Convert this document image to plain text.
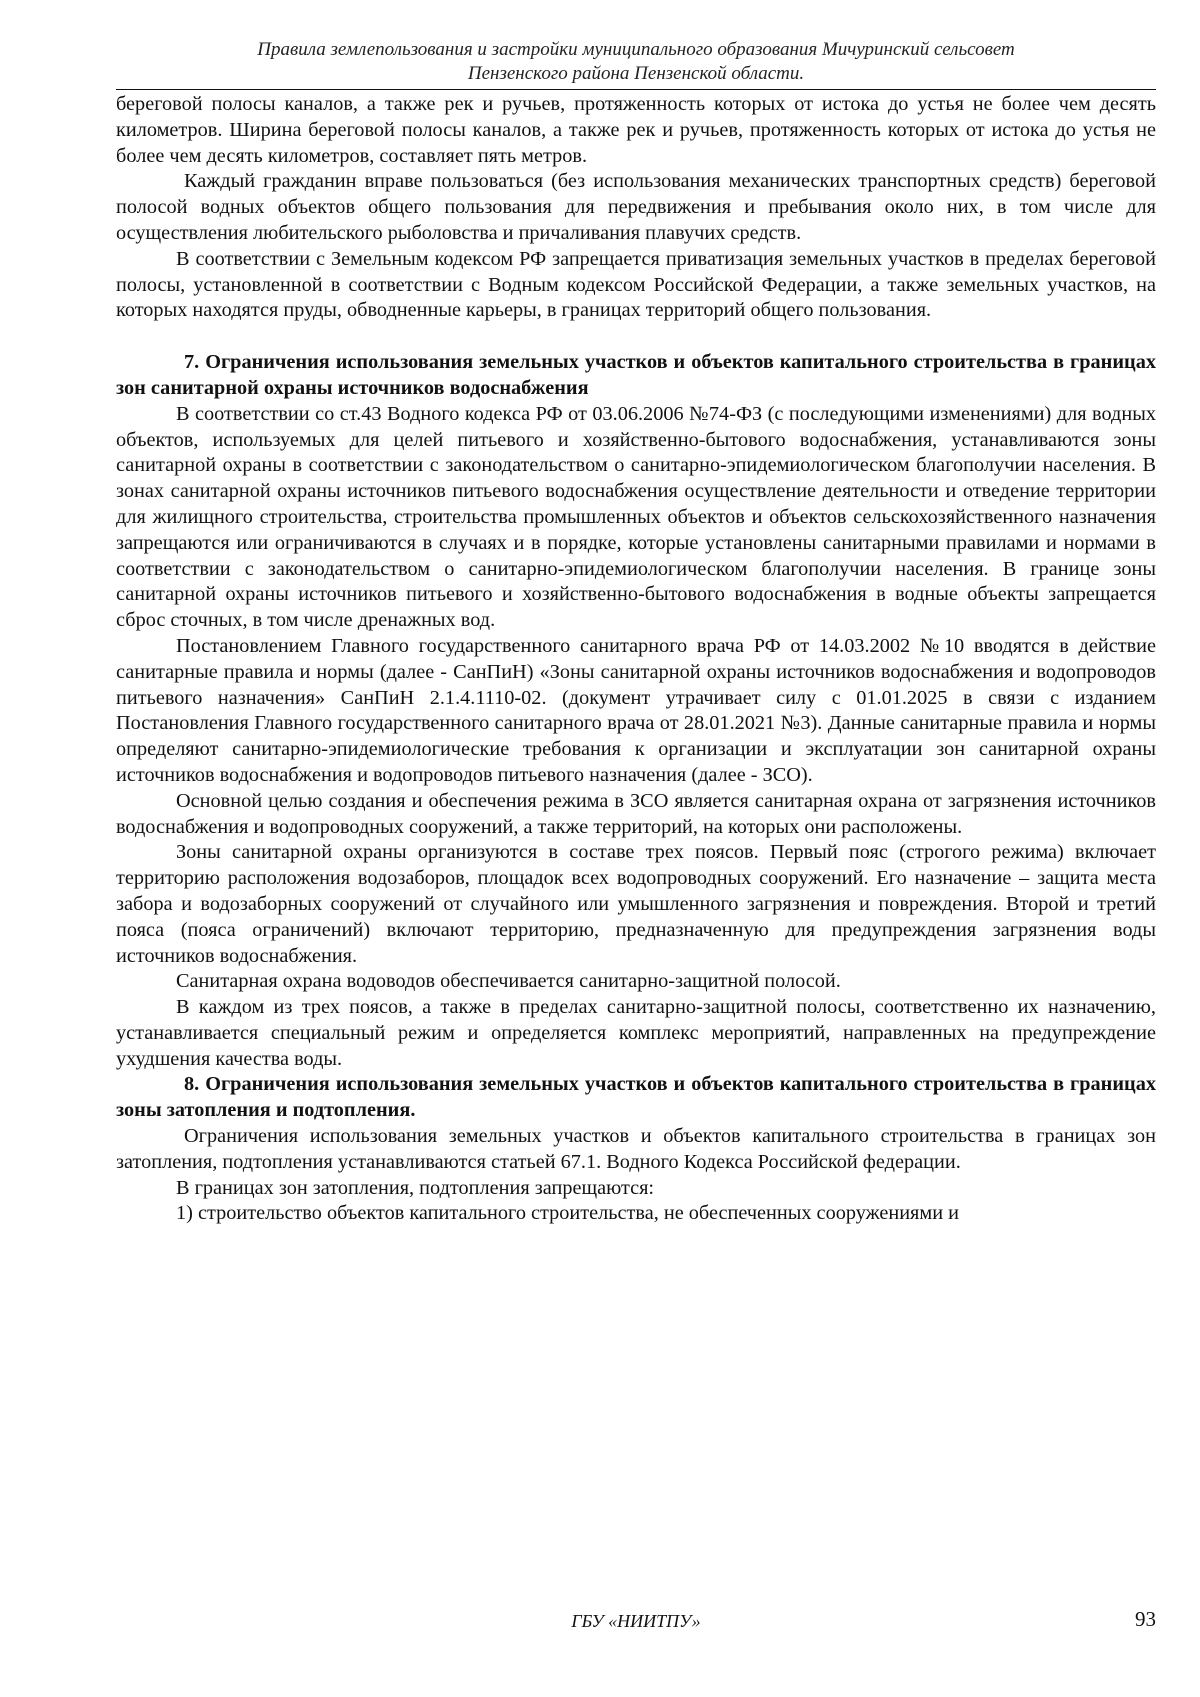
Правила землепользования и застройки муниципального образования Мичуринский сельсовет
Пензенского района Пензенской области.

береговой полосы каналов, а также рек и ручьев, протяженность которых от истока до устья не более чем десять километров. Ширина береговой полосы каналов, а также рек и ручьев, протяженность которых от истока до устья не более чем десять километров, составляет пять метров.

Каждый гражданин вправе пользоваться (без использования механических транспортных средств) береговой полосой водных объектов общего пользования для передвижения и пребывания около них, в том числе для осуществления любительского рыболовства и причаливания плавучих средств.

В соответствии с Земельным кодексом РФ запрещается приватизация земельных участков в пределах береговой полосы, установленной в соответствии с Водным кодексом Российской Федерации, а также земельных участков, на которых находятся пруды, обводненные карьеры, в границах территорий общего пользования.

7. Ограничения использования земельных участков и объектов капитального строительства в границах зон санитарной охраны источников водоснабжения

В соответствии со ст.43 Водного кодекса РФ от 03.06.2006 №74-ФЗ (с последующими изменениями) для водных объектов, используемых для целей питьевого и хозяйственно-бытового водоснабжения, устанавливаются зоны санитарной охраны в соответствии с законодательством о санитарно-эпидемиологическом благополучии населения. В зонах санитарной охраны источников питьевого водоснабжения осуществление деятельности и отведение территории для жилищного строительства, строительства промышленных объектов и объектов сельскохозяйственного назначения запрещаются или ограничиваются в случаях и в порядке, которые установлены санитарными правилами и нормами в соответствии с законодательством о санитарно-эпидемиологическом благополучии населения. В границе зоны санитарной охраны источников питьевого и хозяйственно-бытового водоснабжения в водные объекты запрещается сброс сточных, в том числе дренажных вод.

Постановлением Главного государственного санитарного врача РФ от 14.03.2002 №10 вводятся в действие санитарные правила и нормы (далее - СанПиН) «Зоны санитарной охраны источников водоснабжения и водопроводов питьевого назначения» СанПиН 2.1.4.1110-02. (документ утрачивает силу с 01.01.2025 в связи с изданием Постановления Главного государственного санитарного врача от 28.01.2021 №3). Данные санитарные правила и нормы определяют санитарно-эпидемиологические требования к организации и эксплуатации зон санитарной охраны источников водоснабжения и водопроводов питьевого назначения (далее - ЗСО).

Основной целью создания и обеспечения режима в ЗСО является санитарная охрана от загрязнения источников водоснабжения и водопроводных сооружений, а также территорий, на которых они расположены.

Зоны санитарной охраны организуются в составе трех поясов. Первый пояс (строгого режима) включает территорию расположения водозаборов, площадок всех водопроводных сооружений. Его назначение – защита места забора и водозаборных сооружений от случайного или умышленного загрязнения и повреждения. Второй и третий пояса (пояса ограничений) включают территорию, предназначенную для предупреждения загрязнения воды источников водоснабжения.

Санитарная охрана водоводов обеспечивается санитарно-защитной полосой.

В каждом из трех поясов, а также в пределах санитарно-защитной полосы, соответственно их назначению, устанавливается специальный режим и определяется комплекс мероприятий, направленных на предупреждение ухудшения качества воды.

8. Ограничения использования земельных участков и объектов капитального строительства в границах зоны затопления и подтопления.

Ограничения использования земельных участков и объектов капитального строительства в границах зон затопления, подтопления устанавливаются статьей 67.1. Водного Кодекса Российской федерации.

В границах зон затопления, подтопления запрещаются:

1) строительство объектов капитального строительства, не обеспеченных сооружениями и

ГБУ «НИИТПУ»	93
